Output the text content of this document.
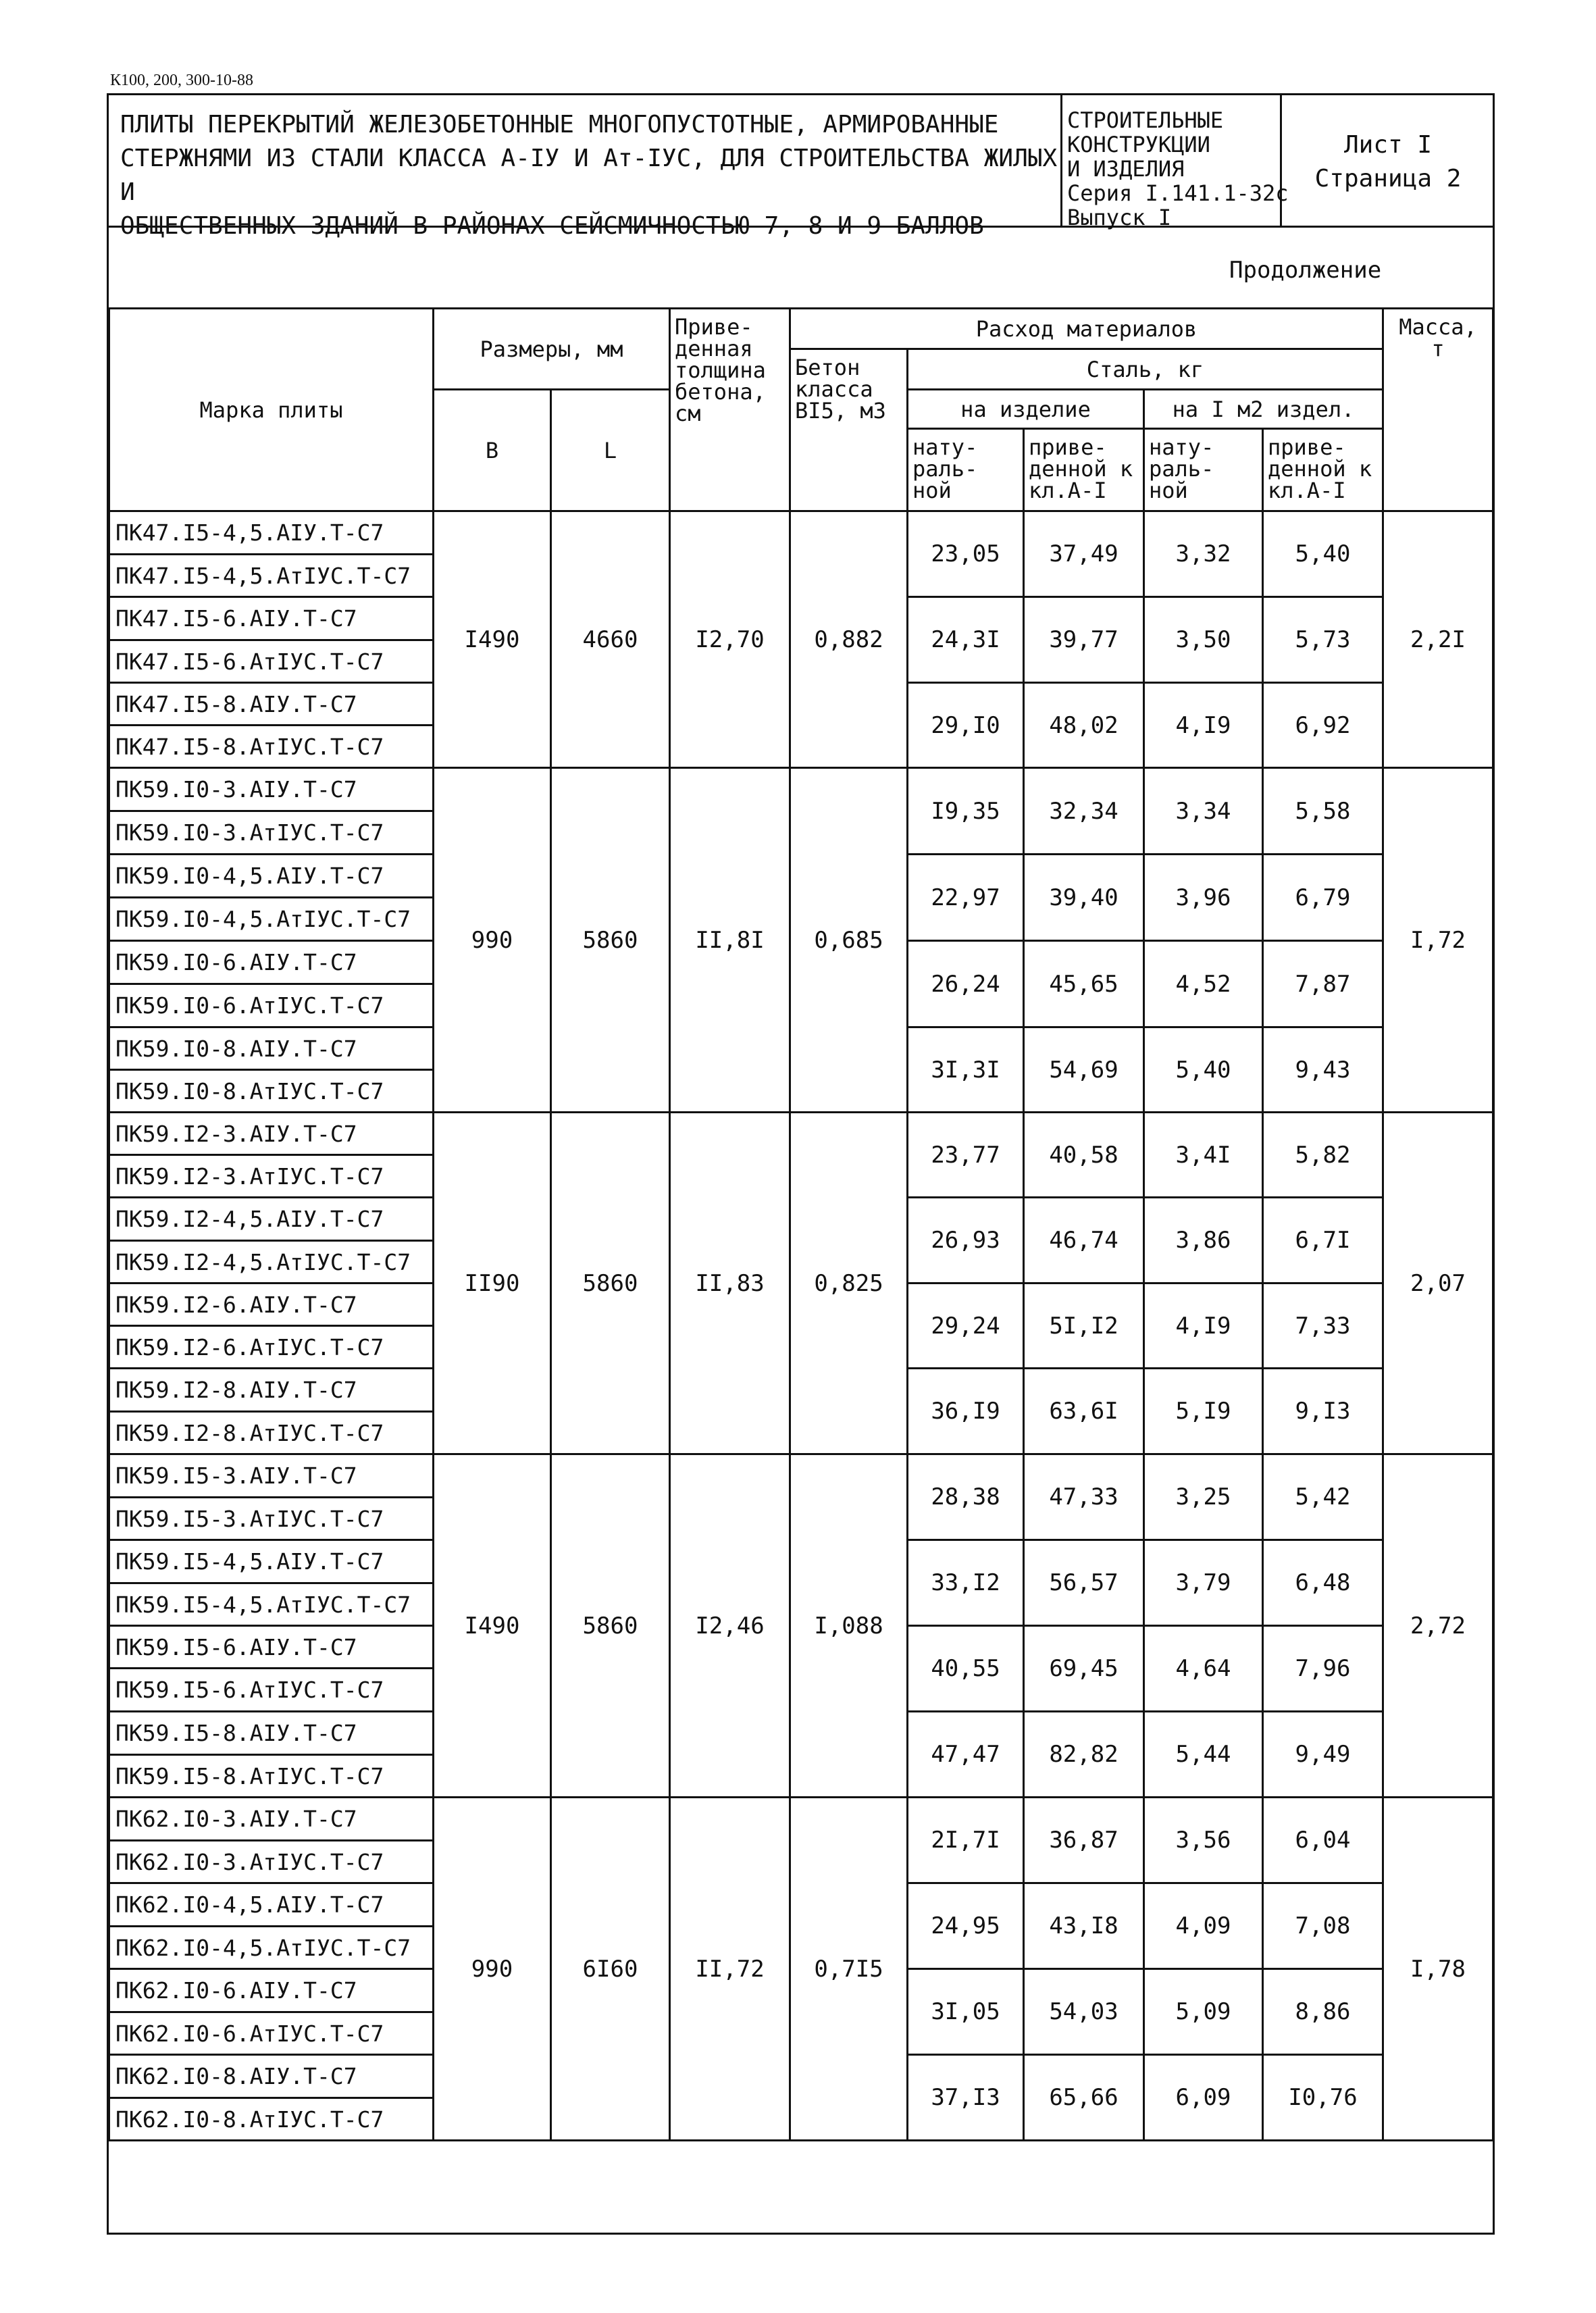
К100, 200, 300-10-88
ПЛИТЫ ПЕРЕКРЫТИЙ ЖЕЛЕЗОБЕТОННЫЕ МНОГОПУСТОТНЫЕ, АРМИРОВАННЫЕ
СТЕРЖНЯМИ ИЗ СТАЛИ КЛАССА А-IУ И Ат-IУС, ДЛЯ СТРОИТЕЛЬСТВА ЖИЛЫХ И
ОБЩЕСТВЕННЫХ ЗДАНИЙ В РАЙОНАХ СЕЙСМИЧНОСТЬЮ 7, 8 И 9 БАЛЛОВ
СТРОИТЕЛЬНЫЕ
КОНСТРУКЦИИ
И ИЗДЕЛИЯ
Серия I.141.1-32с
Выпуск I
Лист I
Страница 2
Продолжение
Марка плиты	Размеры, мм		Приве- денная толщина бетона, см	Расход материалов					Масса, т
				Бетон класса BI5, м3	Сталь, кг				
	B	L			на изделие		на I м2 издел.		
					нату- раль- ной	приве- денной к кл.А-I	нату- раль- ной	приве- денной к кл.А-I	
ПК47.I5-4,5.АIУ.Т-С7	I490	4660	I2,70	0,882	23,05	37,49	3,32	5,40	2,2I
ПК47.I5-4,5.АтIУС.Т-С7									
ПК47.I5-6.АIУ.Т-С7					24,3I	39,77	3,50	5,73	
ПК47.I5-6.АтIУС.Т-С7									
ПК47.I5-8.АIУ.Т-С7					29,I0	48,02	4,I9	6,92	
ПК47.I5-8.АтIУС.Т-С7									
ПК59.I0-3.АIУ.Т-С7	990	5860	II,8I	0,685	I9,35	32,34	3,34	5,58	I,72
ПК59.I0-3.АтIУС.Т-С7									
ПК59.I0-4,5.АIУ.Т-С7					22,97	39,40	3,96	6,79	
ПК59.I0-4,5.АтIУС.Т-С7									
ПК59.I0-6.АIУ.Т-С7					26,24	45,65	4,52	7,87	
ПК59.I0-6.АтIУС.Т-С7									
ПК59.I0-8.АIУ.Т-С7					3I,3I	54,69	5,40	9,43	
ПК59.I0-8.АтIУС.Т-С7									
ПК59.I2-3.АIУ.Т-С7	II90	5860	II,83	0,825	23,77	40,58	3,4I	5,82	2,07
ПК59.I2-3.АтIУС.Т-С7									
ПК59.I2-4,5.АIУ.Т-С7					26,93	46,74	3,86	6,7I	
ПК59.I2-4,5.АтIУС.Т-С7									
ПК59.I2-6.АIУ.Т-С7					29,24	5I,I2	4,I9	7,33	
ПК59.I2-6.АтIУС.Т-С7									
ПК59.I2-8.АIУ.Т-С7					36,I9	63,6I	5,I9	9,I3	
ПК59.I2-8.АтIУС.Т-С7									
ПК59.I5-3.АIУ.Т-С7	I490	5860	I2,46	I,088	28,38	47,33	3,25	5,42	2,72
ПК59.I5-3.АтIУС.Т-С7									
ПК59.I5-4,5.АIУ.Т-С7					33,I2	56,57	3,79	6,48	
ПК59.I5-4,5.АтIУС.Т-С7									
ПК59.I5-6.АIУ.Т-С7					40,55	69,45	4,64	7,96	
ПК59.I5-6.АтIУС.Т-С7									
ПК59.I5-8.АIУ.Т-С7					47,47	82,82	5,44	9,49	
ПК59.I5-8.АтIУС.Т-С7									
ПК62.I0-3.АIУ.Т-С7	990	6I60	II,72	0,7I5	2I,7I	36,87	3,56	6,04	I,78
ПК62.I0-3.АтIУС.Т-С7									
ПК62.I0-4,5.АIУ.Т-С7					24,95	43,I8	4,09	7,08	
ПК62.I0-4,5.АтIУС.Т-С7									
ПК62.I0-6.АIУ.Т-С7					3I,05	54,03	5,09	8,86	
ПК62.I0-6.АтIУС.Т-С7									
ПК62.I0-8.АIУ.Т-С7					37,I3	65,66	6,09	I0,76	
ПК62.I0-8.АтIУС.Т-С7									
